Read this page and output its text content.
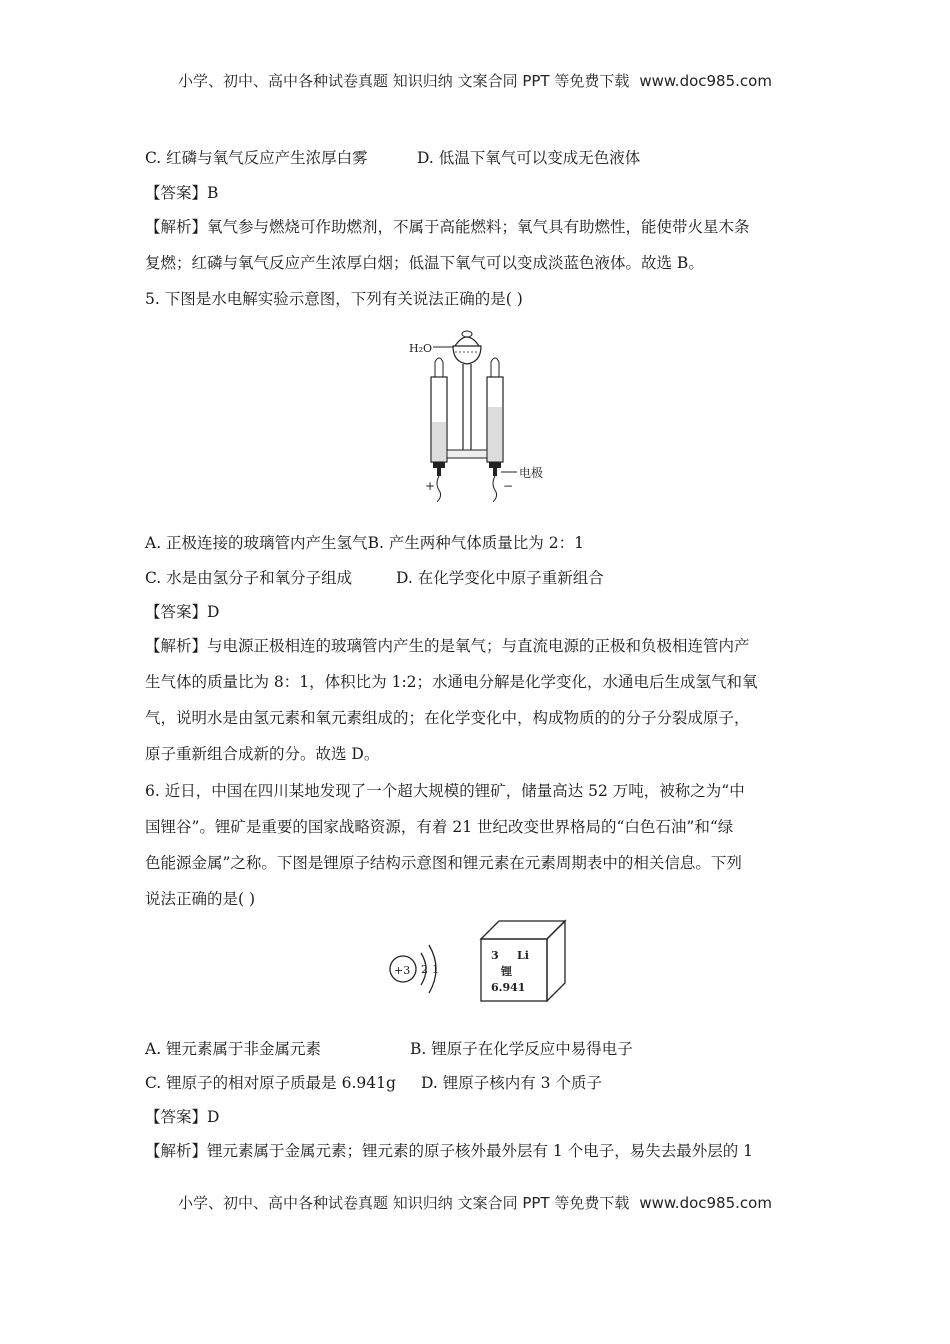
小学、初中、高中各种试卷真题 知识归纳 文案合同 PPT 等免费下载 www.doc985.com
C. 红磷与氧气反应产生浓厚白雾	D. 低温下氧气可以变成无色液体
【答案】B
【解析】氧气参与燃烧可作助燃剂，不属于高能燃料；氧气具有助燃性，能使带火星木条
复燃；红磷与氧气反应产生浓厚白烟；低温下氧气可以变成淡蓝色液体。故选 B。
5. 下图是水电解实验示意图，下列有关说法正确的是( )
H₂O
电极
+	−
A. 正极连接的玻璃管内产生氢气B. 产生两种气体质量比为 2：1
C. 水是由氢分子和氧分子组成	D. 在化学变化中原子重新组合
【答案】D
【解析】与电源正极相连的玻璃管内产生的是氧气；与直流电源的正极和负极相连管内产
生气体的质量比为 8：1，体积比为 1:2；水通电分解是化学变化，水通电后生成氢气和氧
气，说明水是由氢元素和氧元素组成的；在化学变化中，构成物质的的分子分裂成原子，
原子重新组合成新的分。故选 D。
6. 近日，中国在四川某地发现了一个超大规模的锂矿，储量高达 52 万吨，被称之为“中
国锂谷”。锂矿是重要的国家战略资源，有着 21 世纪改变世界格局的“白色石油”和“绿
色能源金属”之称。下图是锂原子结构示意图和锂元素在元素周期表中的相关信息。下列
说法正确的是( )
+3 2 1
3 Li
锂
6.941
A. 锂元素属于非金属元素	B. 锂原子在化学反应中易得电子
C. 锂原子的相对原子质最是 6.941g D. 锂原子核内有 3 个质子
【答案】D
【解析】锂元素属于金属元素；锂元素的原子核外最外层有 1 个电子，易失去最外层的 1
小学、初中、高中各种试卷真题 知识归纳 文案合同 PPT 等免费下载 www.doc985.com
